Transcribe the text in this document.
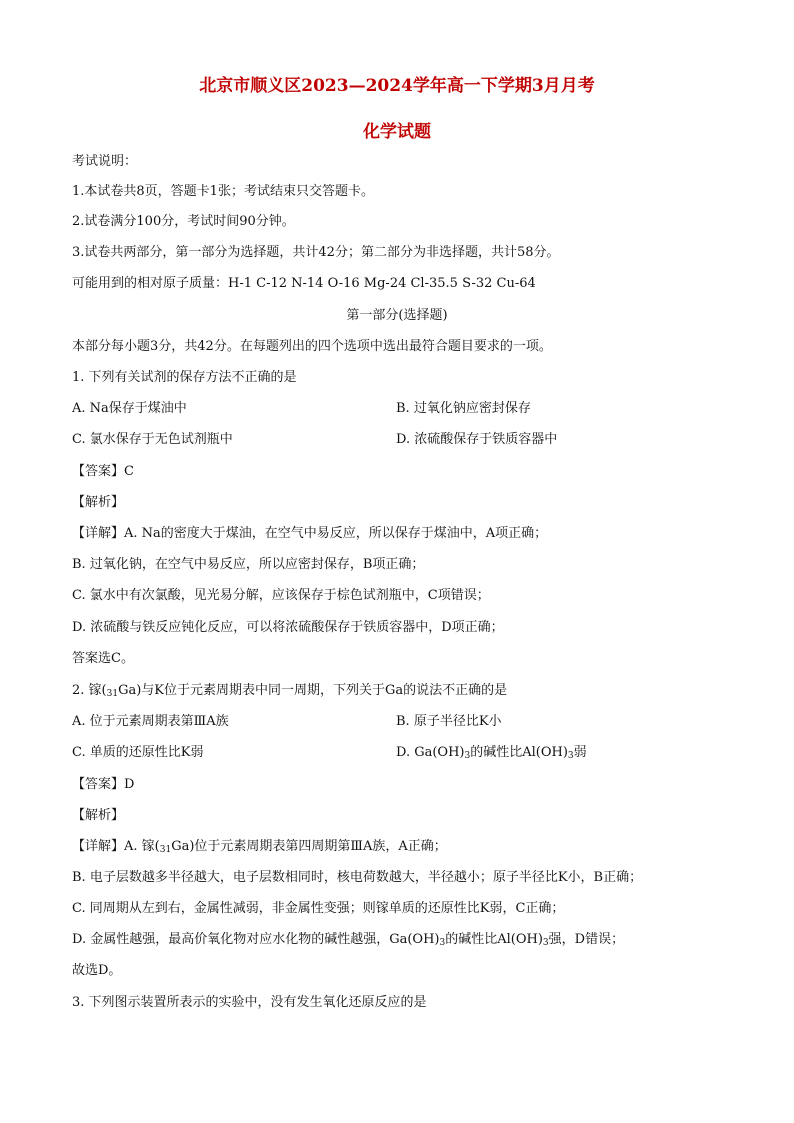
北京市顺义区2023—2024学年高一下学期3月月考
化学试题
考试说明：
1.本试卷共8页，答题卡1张；考试结束只交答题卡。
2.试卷满分100分，考试时间90分钟。
3.试卷共两部分，第一部分为选择题，共计42分；第二部分为非选择题，共计58分。
可能用到的相对原子质量：H-1 C-12 N-14 O-16 Mg-24 Cl-35.5 S-32 Cu-64
第一部分(选择题)
本部分每小题3分，共42分。在每题列出的四个选项中选出最符合题目要求的一项。
1. 下列有关试剂的保存方法不正确的是
A. Na保存于煤油中	B. 过氧化钠应密封保存
C. 氯水保存于无色试剂瓶中	D. 浓硫酸保存于铁质容器中
【答案】C
【解析】
【详解】A. Na的密度大于煤油，在空气中易反应，所以保存于煤油中，A项正确；
B. 过氧化钠，在空气中易反应，所以应密封保存，B项正确；
C. 氯水中有次氯酸，见光易分解，应该保存于棕色试剂瓶中，C项错误；
D. 浓硫酸与铁反应钝化反应，可以将浓硫酸保存于铁质容器中，D项正确；
答案选C。
2. 镓$(_{31}Ga)$与K位于元素周期表中同一周期，下列关于Ga的说法不正确的是
A. 位于元素周期表第ⅢA族	B. 原子半径比K小
C. 单质的还原性比K弱	D. $Ga(OH)_3$的碱性比$Al(OH)_3$弱
【答案】D
【解析】
【详解】A. 镓$(_{31}Ga)$位于元素周期表第四周期第ⅢA族，A正确；
B. 电子层数越多半径越大，电子层数相同时，核电荷数越大，半径越小；原子半径比K小，B正确；
C. 同周期从左到右，金属性减弱，非金属性变强；则镓单质的还原性比K弱，C正确；
D. 金属性越强，最高价氧化物对应水化物的碱性越强，$Ga(OH)_3$的碱性比$Al(OH)_3$强，D错误；
故选D。
3. 下列图示装置所表示的实验中，没有发生氧化还原反应的是
